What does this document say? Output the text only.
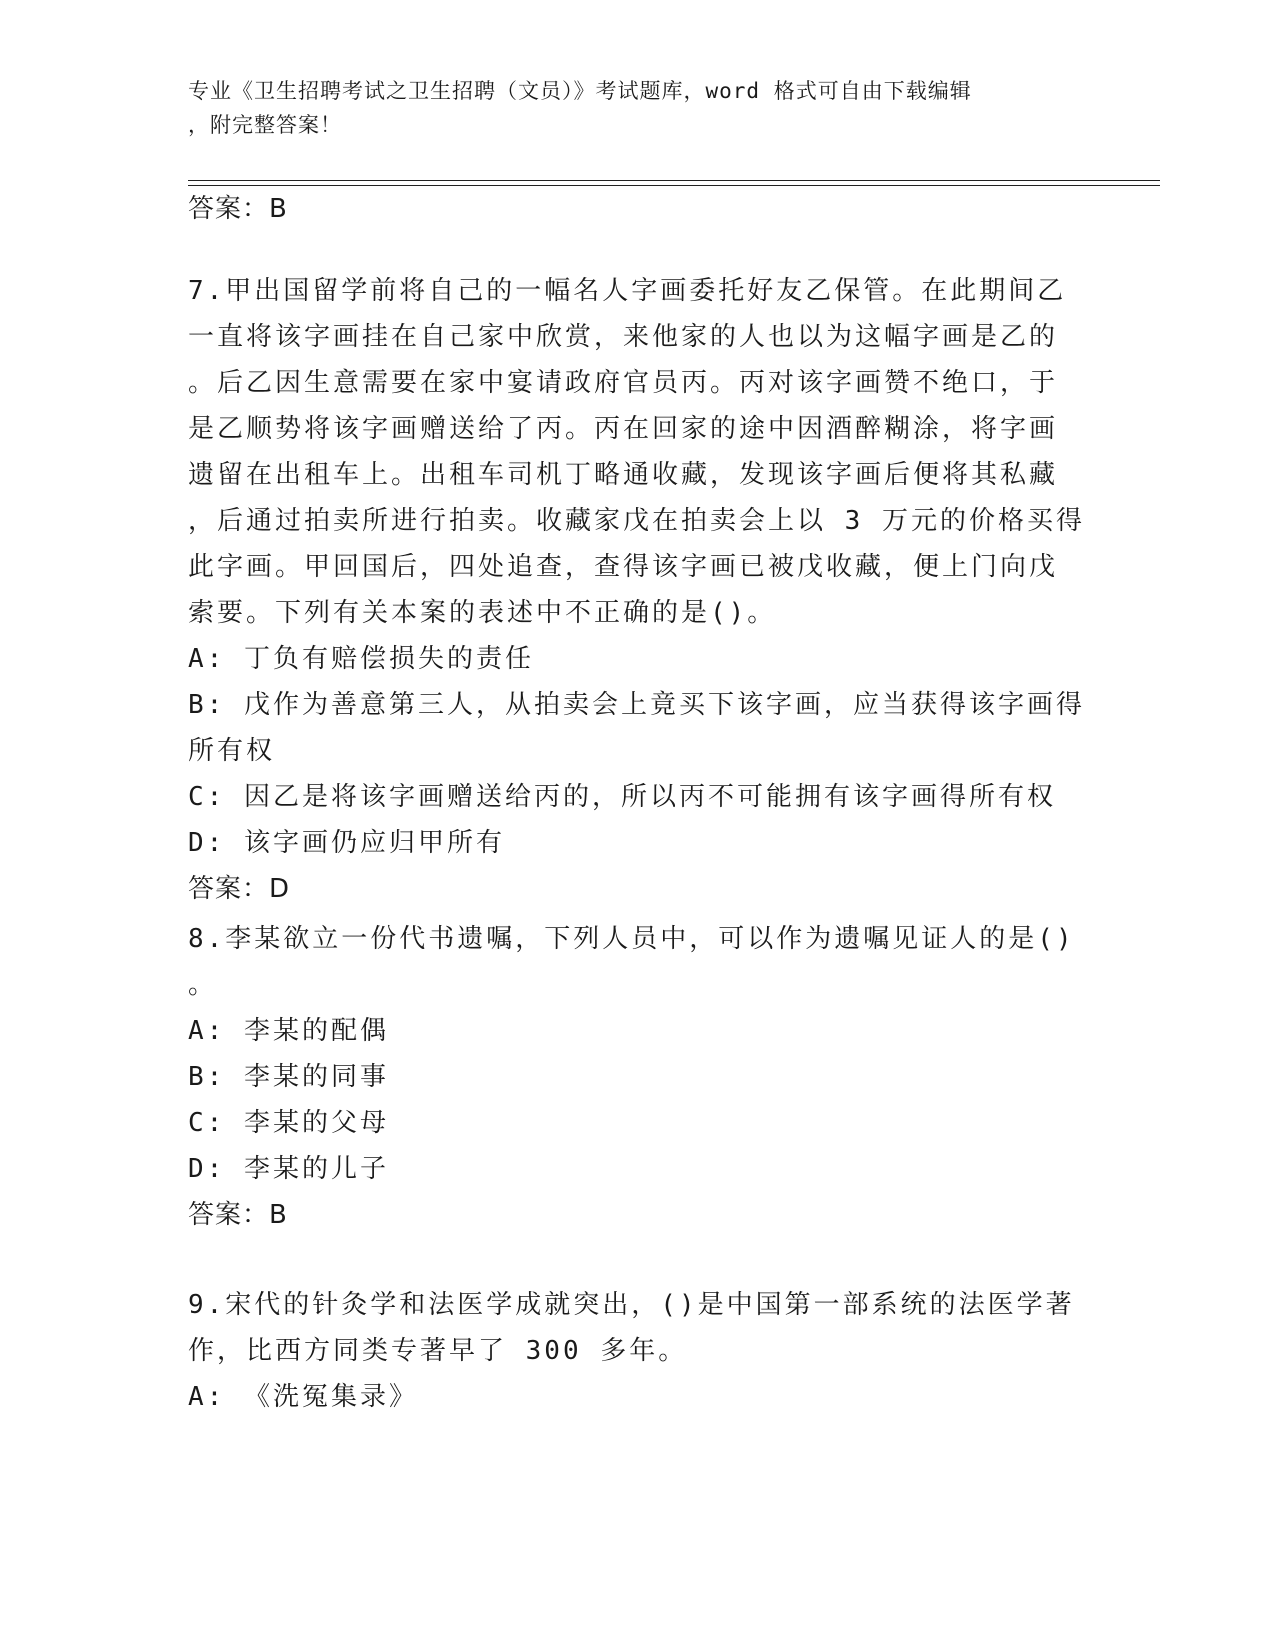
专业《卫生招聘考试之卫生招聘（文员）》考试题库，word 格式可自由下载编辑
，附完整答案！
答案：B

7.甲出国留学前将自己的一幅名人字画委托好友乙保管。在此期间乙

一直将该字画挂在自己家中欣赏，来他家的人也以为这幅字画是乙的

。后乙因生意需要在家中宴请政府官员丙。丙对该字画赞不绝口，于

是乙顺势将该字画赠送给了丙。丙在回家的途中因酒醉糊涂，将字画

遗留在出租车上。出租车司机丁略通收藏，发现该字画后便将其私藏

，后通过拍卖所进行拍卖。收藏家戊在拍卖会上以 3 万元的价格买得

此字画。甲回国后，四处追查，查得该字画已被戊收藏，便上门向戊

索要。下列有关本案的表述中不正确的是()。

A: 丁负有赔偿损失的责任

B: 戊作为善意第三人，从拍卖会上竟买下该字画，应当获得该字画得

所有权

C: 因乙是将该字画赠送给丙的，所以丙不可能拥有该字画得所有权

D: 该字画仍应归甲所有

答案：D

8.李某欲立一份代书遗嘱，下列人员中，可以作为遗嘱见证人的是()

。

A: 李某的配偶

B: 李某的同事

C: 李某的父母

D: 李某的儿子

答案：B

9.宋代的针灸学和法医学成就突出，()是中国第一部系统的法医学著

作，比西方同类专著早了 300 多年。

A: 《洗冤集录》
